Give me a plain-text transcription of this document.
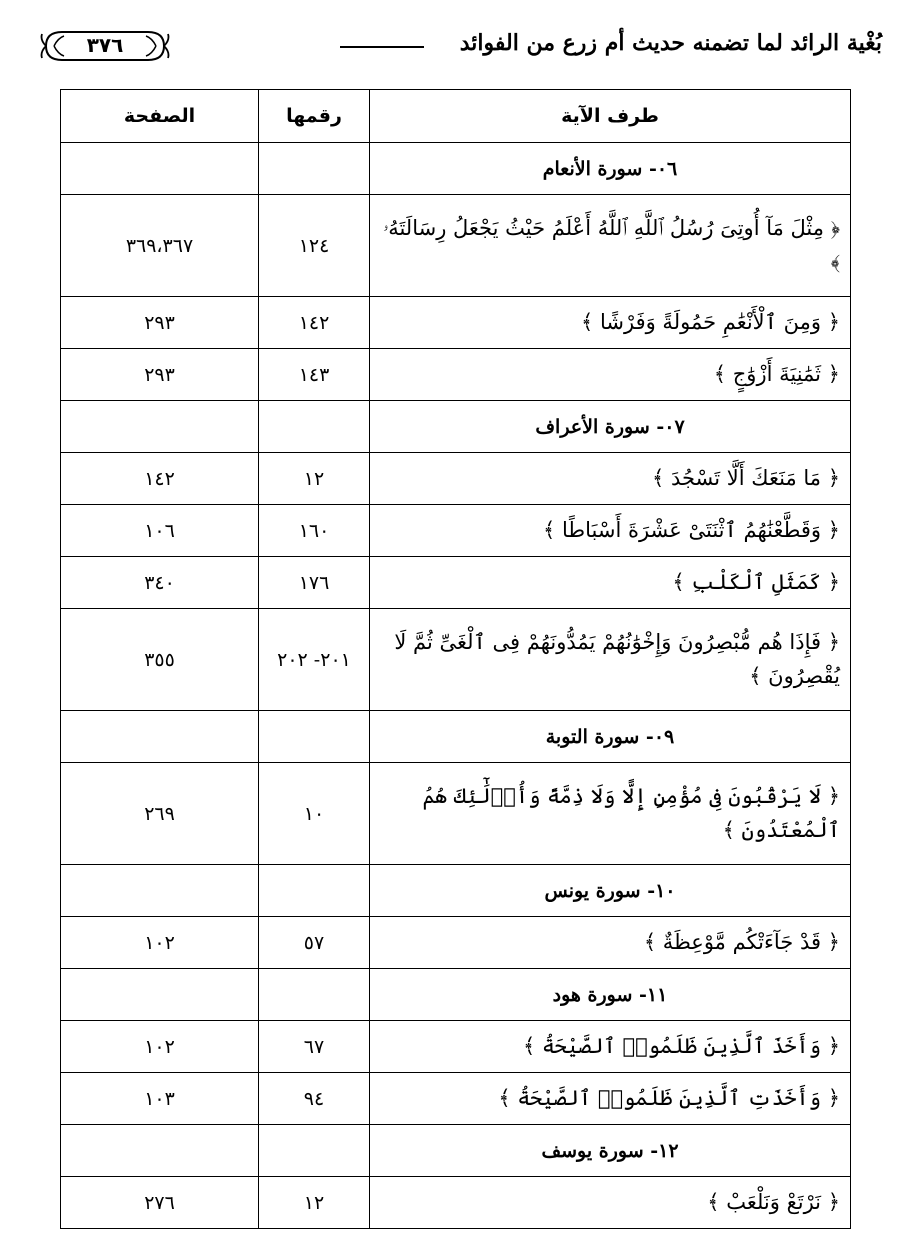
بُغْية الرائد لما تضمنه حديث أم زرع من الفوائد
٣٧٦
طرف الآية	رقمها	الصفحة
٠٦- سورة الأنعام		
﴿ مِثْلَ مَآ أُوتِىَ رُسُلُ ٱللَّهِ ٱللَّهُ أَعْلَمُ حَيْثُ يَجْعَلُ رِسَالَتَهُۥ ﴾	١٢٤	٣٦٩،٣٦٧
﴿ وَمِنَ ٱلْأَنْعَٰمِ حَمُولَةً وَفَرْشًا ﴾	١٤٢	٢٩٣
﴿ ثَمَٰنِيَةَ أَزْوَٰجٍ ﴾	١٤٣	٢٩٣
٠٧- سورة الأعراف		
﴿ مَا مَنَعَكَ أَلَّا تَسْجُدَ ﴾	١٢	١٤٢
﴿ وَقَطَّعْنَٰهُمُ ٱثْنَتَىْ عَشْرَةَ أَسْبَاطًا ﴾	١٦٠	١٠٦
﴿ كَمَثَلِ ٱلْكَلْبِ ﴾	١٧٦	٣٤٠
﴿ فَإِذَا هُم مُّبْصِرُونَ وَإِخْوَٰنُهُمْ يَمُدُّونَهُمْ فِى ٱلْغَىِّ ثُمَّ لَا يُقْصِرُونَ ﴾	٢٠١- ٢٠٢	٣٥٥
٠٩- سورة التوبة		
﴿ لَا يَرْقُبُونَ فِى مُؤْمِنٍ إِلًّا وَلَا ذِمَّةً وَأُو۟لَٰٓئِكَ هُمُ ٱلْمُعْتَدُونَ ﴾	١٠	٢٦٩
١٠- سورة يونس		
﴿ قَدْ جَآءَتْكُم مَّوْعِظَةٌ ﴾	٥٧	١٠٢
١١- سورة هود		
﴿ وَأَخَذَ ٱلَّذِينَ ظَلَمُوا۟ ٱلصَّيْحَةُ ﴾	٦٧	١٠٢
﴿ وَأَخَذَتِ ٱلَّذِينَ ظَلَمُوا۟ ٱلصَّيْحَةُ ﴾	٩٤	١٠٣
١٢- سورة يوسف		
﴿ نَرْتَعْ وَنَلْعَبْ ﴾	١٢	٢٧٦
